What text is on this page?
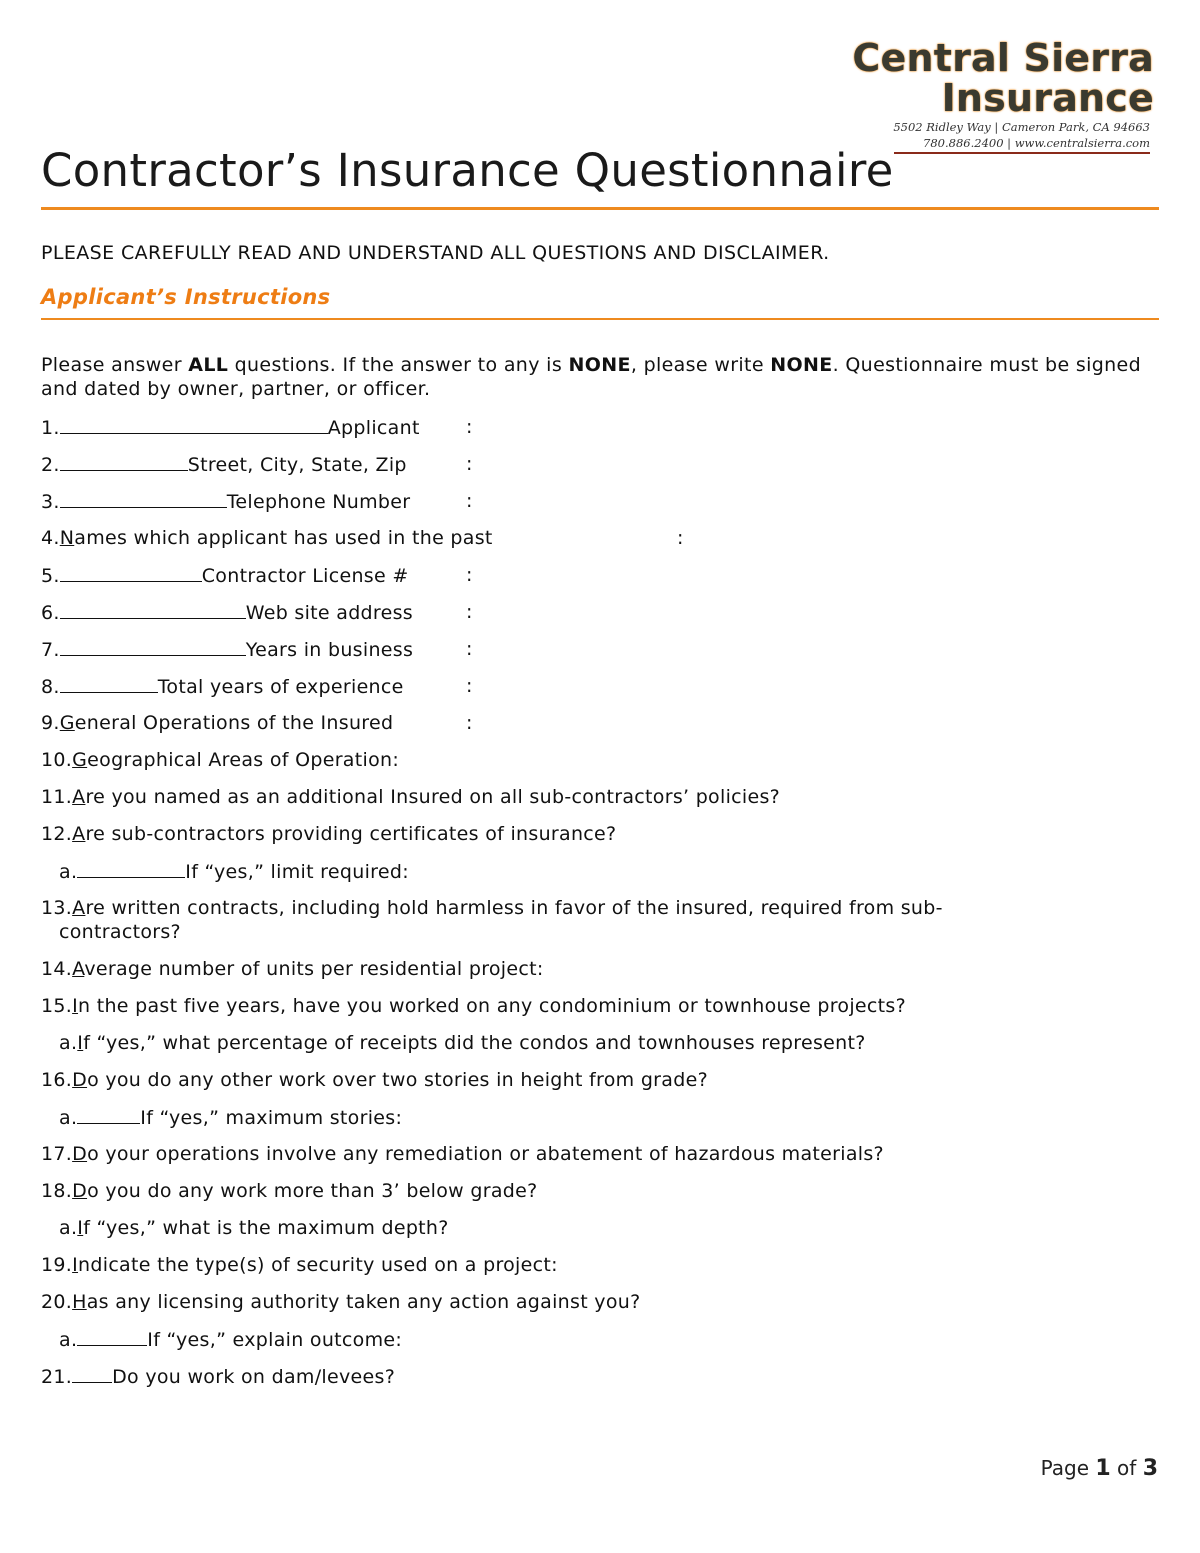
Central Sierra Insurance
5502 Ridley Way | Cameron Park, CA 94663
780.886.2400 | www.centralsierra.com
Contractor’s Insurance Questionnaire

PLEASE CAREFULLY READ AND UNDERSTAND ALL QUESTIONS AND DISCLAIMER.

Applicant’s Instructions

Please answer ALL questions. If the answer to any is NONE, please write NONE. Questionnaire must be signed and dated by owner, partner, or officer.

1.	Applicant :
2.	Street, City, State, Zip	:
3.	Telephone Number	:
4.Names which applicant has used in the past	:
5.	Contractor License #	:
6.	Web site address	:
7.	Years in business	:
8.	Total years of experience	:
9.General Operations of the Insured	:
10.Geographical Areas of Operation:
11.Are you named as an additional Insured on all sub-contractors’ policies?
12.Are sub-contractors providing certificates of insurance?
a.	If “yes,” limit required:
13.Are written contracts, including hold harmless in favor of the insured, required from sub-
contractors?
14.Average number of units per residential project:
15.In the past five years, have you worked on any condominium or townhouse projects?
a.If “yes,” what percentage of receipts did the condos and townhouses represent?
16.Do you do any other work over two stories in height from grade?
a.	If “yes,” maximum stories:
17.Do your operations involve any remediation or abatement of hazardous materials?
18.Do you do any work more than 3’ below grade?
a.If “yes,” what is the maximum depth?
19.Indicate the type(s) of security used on a project:
20.Has any licensing authority taken any action against you?
a.	If “yes,” explain outcome:
21. Do you work on dam/levees?
Page 1 of 3
